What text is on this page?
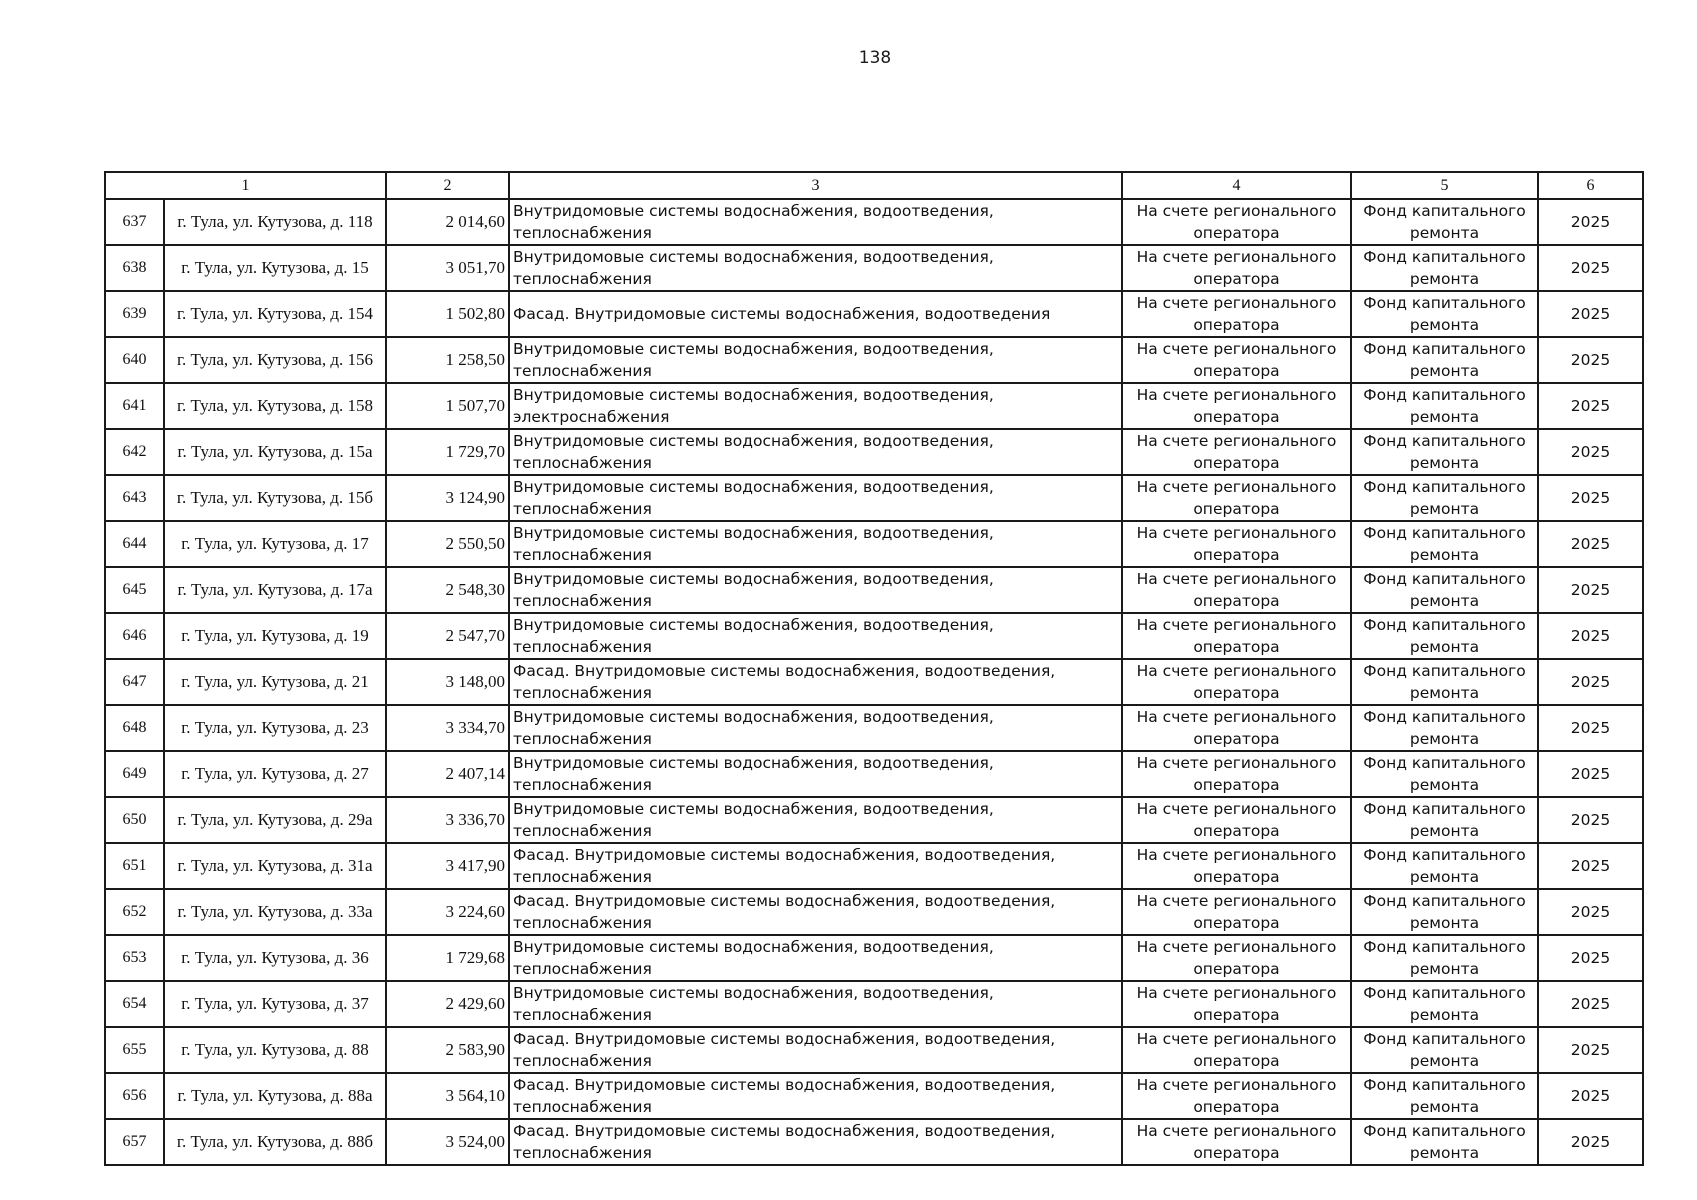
138
1		2	3	4	5	6
637	г. Тула, ул. Кутузова, д. 118	2 014,60	Внутридомовые системы водоснабжения, водоотведения, теплоснабжения	На счете регионального оператора	Фонд капитального ремонта	2025
638	г. Тула, ул. Кутузова, д. 15	3 051,70	Внутридомовые системы водоснабжения, водоотведения, теплоснабжения	На счете регионального оператора	Фонд капитального ремонта	2025
639	г. Тула, ул. Кутузова, д. 154	1 502,80	Фасад. Внутридомовые системы водоснабжения, водоотведения	На счете регионального оператора	Фонд капитального ремонта	2025
640	г. Тула, ул. Кутузова, д. 156	1 258,50	Внутридомовые системы водоснабжения, водоотведения, теплоснабжения	На счете регионального оператора	Фонд капитального ремонта	2025
641	г. Тула, ул. Кутузова, д. 158	1 507,70	Внутридомовые системы водоснабжения, водоотведения, электроснабжения	На счете регионального оператора	Фонд капитального ремонта	2025
642	г. Тула, ул. Кутузова, д. 15а	1 729,70	Внутридомовые системы водоснабжения, водоотведения, теплоснабжения	На счете регионального оператора	Фонд капитального ремонта	2025
643	г. Тула, ул. Кутузова, д. 15б	3 124,90	Внутридомовые системы водоснабжения, водоотведения, теплоснабжения	На счете регионального оператора	Фонд капитального ремонта	2025
644	г. Тула, ул. Кутузова, д. 17	2 550,50	Внутридомовые системы водоснабжения, водоотведения, теплоснабжения	На счете регионального оператора	Фонд капитального ремонта	2025
645	г. Тула, ул. Кутузова, д. 17а	2 548,30	Внутридомовые системы водоснабжения, водоотведения, теплоснабжения	На счете регионального оператора	Фонд капитального ремонта	2025
646	г. Тула, ул. Кутузова, д. 19	2 547,70	Внутридомовые системы водоснабжения, водоотведения, теплоснабжения	На счете регионального оператора	Фонд капитального ремонта	2025
647	г. Тула, ул. Кутузова, д. 21	3 148,00	Фасад. Внутридомовые системы водоснабжения, водоотведения, теплоснабжения	На счете регионального оператора	Фонд капитального ремонта	2025
648	г. Тула, ул. Кутузова, д. 23	3 334,70	Внутридомовые системы водоснабжения, водоотведения, теплоснабжения	На счете регионального оператора	Фонд капитального ремонта	2025
649	г. Тула, ул. Кутузова, д. 27	2 407,14	Внутридомовые системы водоснабжения, водоотведения, теплоснабжения	На счете регионального оператора	Фонд капитального ремонта	2025
650	г. Тула, ул. Кутузова, д. 29а	3 336,70	Внутридомовые системы водоснабжения, водоотведения, теплоснабжения	На счете регионального оператора	Фонд капитального ремонта	2025
651	г. Тула, ул. Кутузова, д. 31а	3 417,90	Фасад. Внутридомовые системы водоснабжения, водоотведения, теплоснабжения	На счете регионального оператора	Фонд капитального ремонта	2025
652	г. Тула, ул. Кутузова, д. 33а	3 224,60	Фасад. Внутридомовые системы водоснабжения, водоотведения, теплоснабжения	На счете регионального оператора	Фонд капитального ремонта	2025
653	г. Тула, ул. Кутузова, д. 36	1 729,68	Внутридомовые системы водоснабжения, водоотведения, теплоснабжения	На счете регионального оператора	Фонд капитального ремонта	2025
654	г. Тула, ул. Кутузова, д. 37	2 429,60	Внутридомовые системы водоснабжения, водоотведения, теплоснабжения	На счете регионального оператора	Фонд капитального ремонта	2025
655	г. Тула, ул. Кутузова, д. 88	2 583,90	Фасад. Внутридомовые системы водоснабжения, водоотведения, теплоснабжения	На счете регионального оператора	Фонд капитального ремонта	2025
656	г. Тула, ул. Кутузова, д. 88а	3 564,10	Фасад. Внутридомовые системы водоснабжения, водоотведения, теплоснабжения	На счете регионального оператора	Фонд капитального ремонта	2025
657	г. Тула, ул. Кутузова, д. 88б	3 524,00	Фасад. Внутридомовые системы водоснабжения, водоотведения, теплоснабжения	На счете регионального оператора	Фонд капитального ремонта	2025
